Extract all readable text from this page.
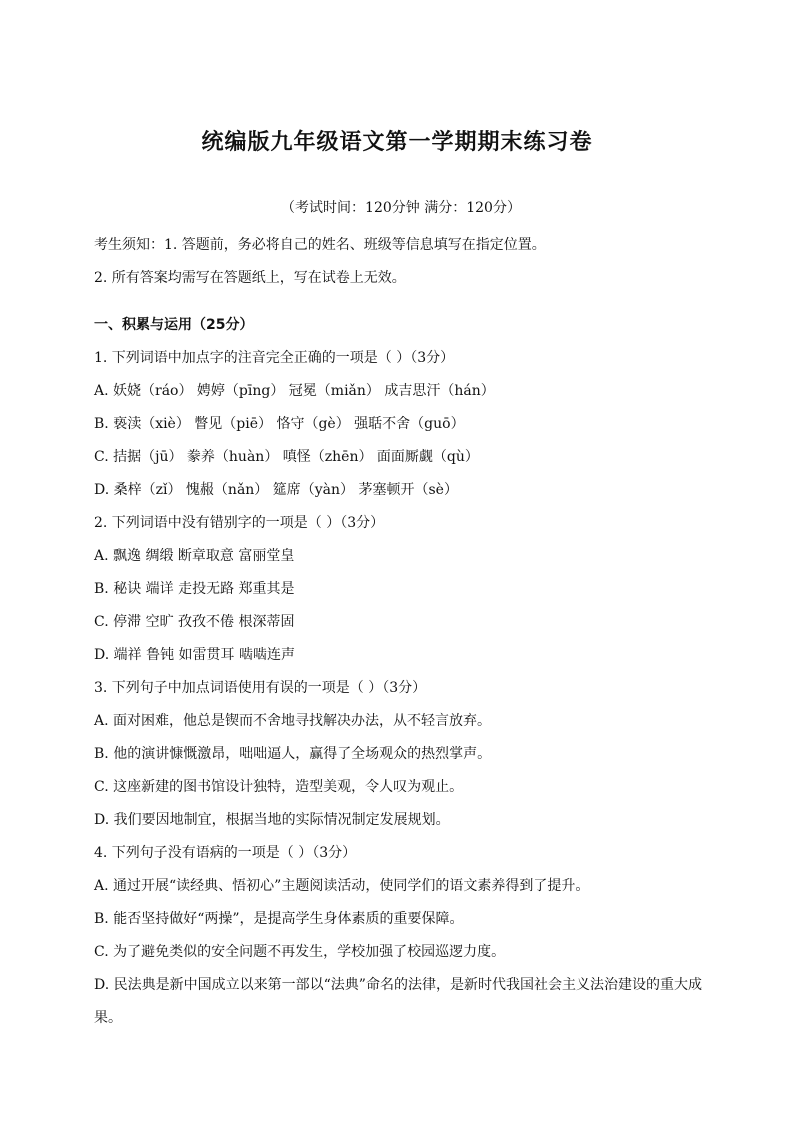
统编版九年级语文第一学期期末练习卷
（考试时间：120分钟 满分：120分）
考生须知：1. 答题前，务必将自己的姓名、班级等信息填写在指定位置。
2. 所有答案均需写在答题纸上，写在试卷上无效。
一、积累与运用（25分）
1. 下列词语中加点字的注音完全正确的一项是（ ）（3分）
A. 妖娆（ráo） 娉婷（pīng） 冠冕（miǎn） 成吉思汗（hán）
B. 亵渎（xiè） 瞥见（piē） 恪守（gè） 强聒不舍（guō）
C. 拮据（jū） 豢养（huàn） 嗔怪（zhēn） 面面厮觑（qù）
D. 桑梓（zǐ） 愧赧（nǎn） 筵席（yàn） 茅塞顿开（sè）
2. 下列词语中没有错别字的一项是（ ）（3分）
A. 飘逸 绸缎 断章取意 富丽堂皇
B. 秘诀 端详 走投无路 郑重其是
C. 停滞 空旷 孜孜不倦 根深蒂固
D. 端祥 鲁钝 如雷贯耳 啮啮连声
3. 下列句子中加点词语使用有误的一项是（ ）（3分）
A. 面对困难，他总是锲而不舍地寻找解决办法，从不轻言放弃。
B. 他的演讲慷慨激昂，咄咄逼人，赢得了全场观众的热烈掌声。
C. 这座新建的图书馆设计独特，造型美观，令人叹为观止。
D. 我们要因地制宜，根据当地的实际情况制定发展规划。
4. 下列句子没有语病的一项是（ ）（3分）
A. 通过开展“读经典、悟初心”主题阅读活动，使同学们的语文素养得到了提升。
B. 能否坚持做好“两操”，是提高学生身体素质的重要保障。
C. 为了避免类似的安全问题不再发生，学校加强了校园巡逻力度。
D. 民法典是新中国成立以来第一部以“法典”命名的法律，是新时代我国社会主义法治建设的重大成果。
